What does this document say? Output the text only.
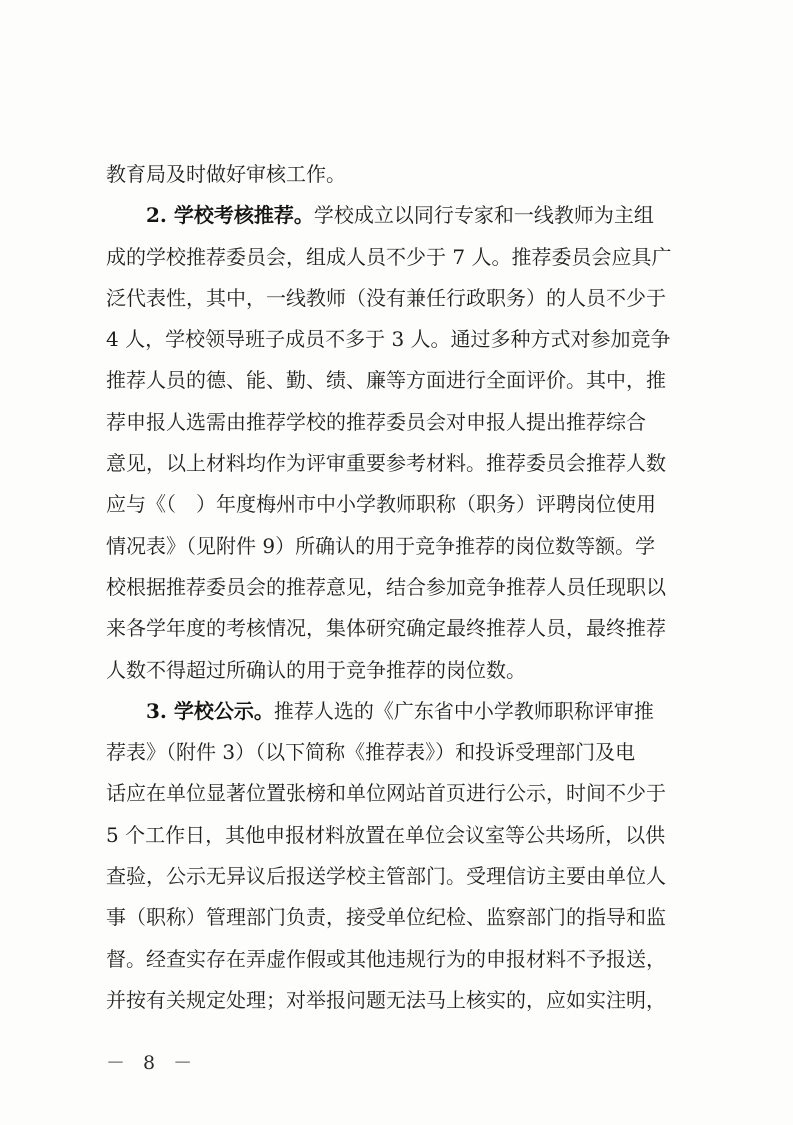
教育局及时做好审核工作。
2. 学校考核推荐。学校成立以同行专家和一线教师为主组
成的学校推荐委员会，组成人员不少于 7 人。推荐委员会应具广
泛代表性，其中，一线教师（没有兼任行政职务）的人员不少于
4 人，学校领导班子成员不多于 3 人。通过多种方式对参加竞争
推荐人员的德、能、勤、绩、廉等方面进行全面评价。其中，推
荐申报人选需由推荐学校的推荐委员会对申报人提出推荐综合
意见，以上材料均作为评审重要参考材料。推荐委员会推荐人数
应与《（　）年度梅州市中小学教师职称（职务）评聘岗位使用
情况表》（见附件 9）所确认的用于竞争推荐的岗位数等额。学
校根据推荐委员会的推荐意见，结合参加竞争推荐人员任现职以
来各学年度的考核情况，集体研究确定最终推荐人员，最终推荐
人数不得超过所确认的用于竞争推荐的岗位数。
3. 学校公示。推荐人选的《广东省中小学教师职称评审推
荐表》（附件 3）（以下简称《推荐表》）和投诉受理部门及电
话应在单位显著位置张榜和单位网站首页进行公示，时间不少于
5 个工作日，其他申报材料放置在单位会议室等公共场所，以供
查验，公示无异议后报送学校主管部门。受理信访主要由单位人
事（职称）管理部门负责，接受单位纪检、监察部门的指导和监
督。经查实存在弄虚作假或其他违规行为的申报材料不予报送，
并按有关规定处理；对举报问题无法马上核实的，应如实注明，
－ 8 －
